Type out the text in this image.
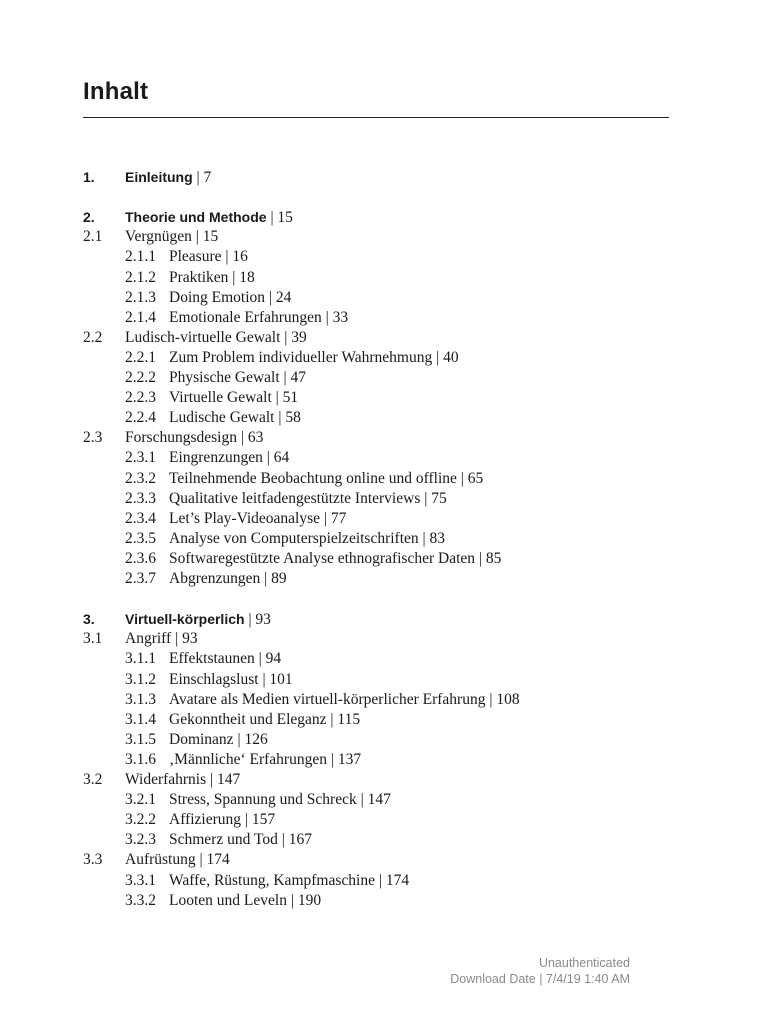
Inhalt
1. Einleitung | 7
2. Theorie und Methode | 15
2.1 Vergnügen | 15
2.1.1 Pleasure | 16
2.1.2 Praktiken | 18
2.1.3 Doing Emotion | 24
2.1.4 Emotionale Erfahrungen | 33
2.2 Ludisch-virtuelle Gewalt | 39
2.2.1 Zum Problem individueller Wahrnehmung | 40
2.2.2 Physische Gewalt | 47
2.2.3 Virtuelle Gewalt | 51
2.2.4 Ludische Gewalt | 58
2.3 Forschungsdesign | 63
2.3.1 Eingrenzungen | 64
2.3.2 Teilnehmende Beobachtung online und offline | 65
2.3.3 Qualitative leitfadengestützte Interviews | 75
2.3.4 Let’s Play-Videoanalyse | 77
2.3.5 Analyse von Computerspielzeitschriften | 83
2.3.6 Softwaregestützte Analyse ethnografischer Daten | 85
2.3.7 Abgrenzungen | 89
3. Virtuell-körperlich | 93
3.1 Angriff | 93
3.1.1 Effektstaunen | 94
3.1.2 Einschlagslust | 101
3.1.3 Avatare als Medien virtuell-körperlicher Erfahrung | 108
3.1.4 Gekonntheit und Eleganz | 115
3.1.5 Dominanz | 126
3.1.6 ‚Männliche‘ Erfahrungen | 137
3.2 Widerfahrnis | 147
3.2.1 Stress, Spannung und Schreck | 147
3.2.2 Affizierung | 157
3.2.3 Schmerz und Tod | 167
3.3 Aufrüstung | 174
3.3.1 Waffe, Rüstung, Kampfmaschine | 174
3.3.2 Looten und Leveln | 190
Unauthenticated
Download Date | 7/4/19 1:40 AM
